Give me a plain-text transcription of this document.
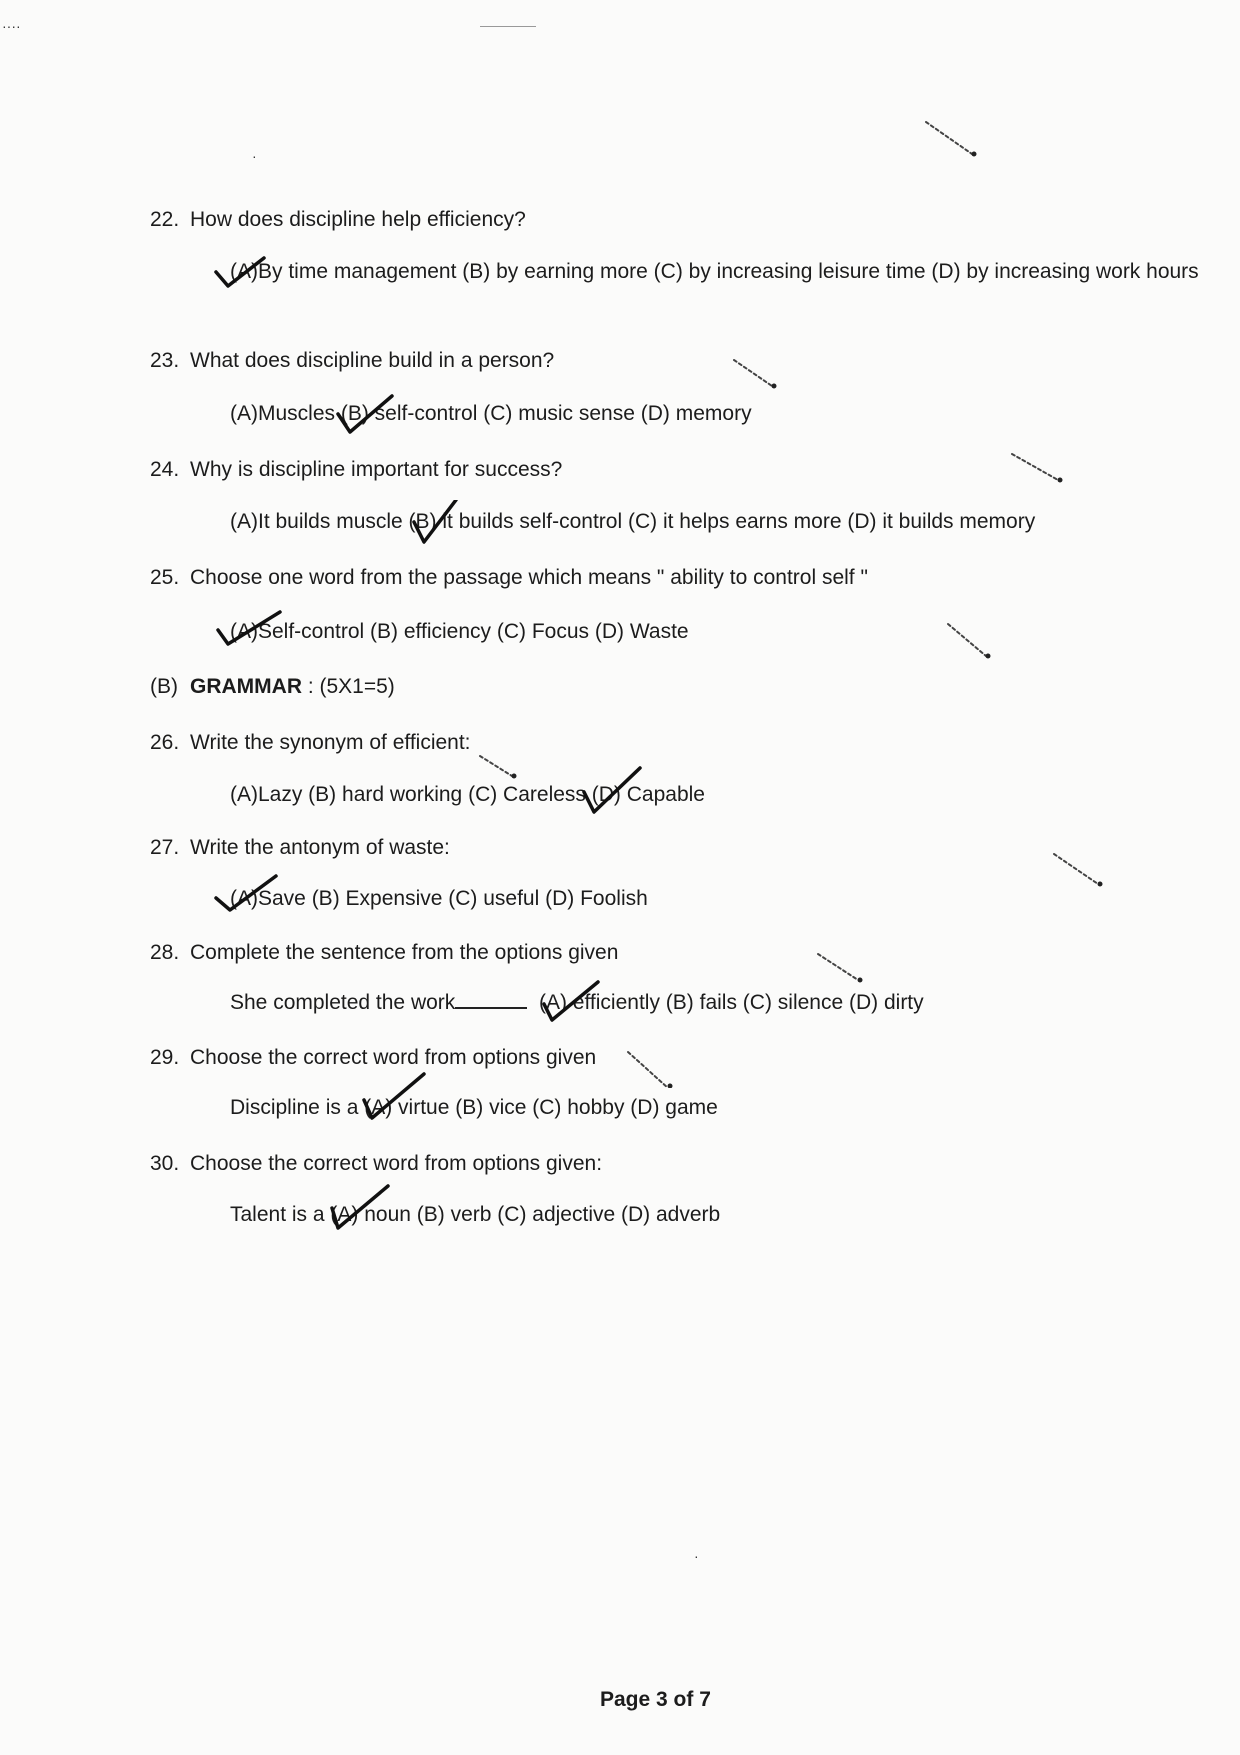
····
22. How does discipline help efficiency?
(A)By time management (B) by earning more (C) by increasing leisure time (D) by increasing work hours
23. What does discipline build in a person?
(A)Muscles (B) self-control (C) music sense (D) memory
24. Why is discipline important for success?
(A)It builds muscle (B) it builds self-control (C) it helps earns more (D) it builds memory
25. Choose one word from the passage which means " ability to control self "
(A)Self-control (B) efficiency (C) Focus (D) Waste
(B) GRAMMAR : (5X1=5)
26. Write the synonym of efficient:
(A)Lazy (B) hard working (C) Careless (D) Capable
27. Write the antonym of waste:
(A)Save (B) Expensive (C) useful (D) Foolish
28. Complete the sentence from the options given
She completed the work	(A) efficiently (B) fails (C) silence (D) dirty
29. Choose the correct word from options given
Discipline is a (A) virtue (B) vice (C) hobby (D) game
30. Choose the correct word from options given:
Talent is a (A) noun (B) verb (C) adjective (D) adverb
·
·
Page 3 of 7
